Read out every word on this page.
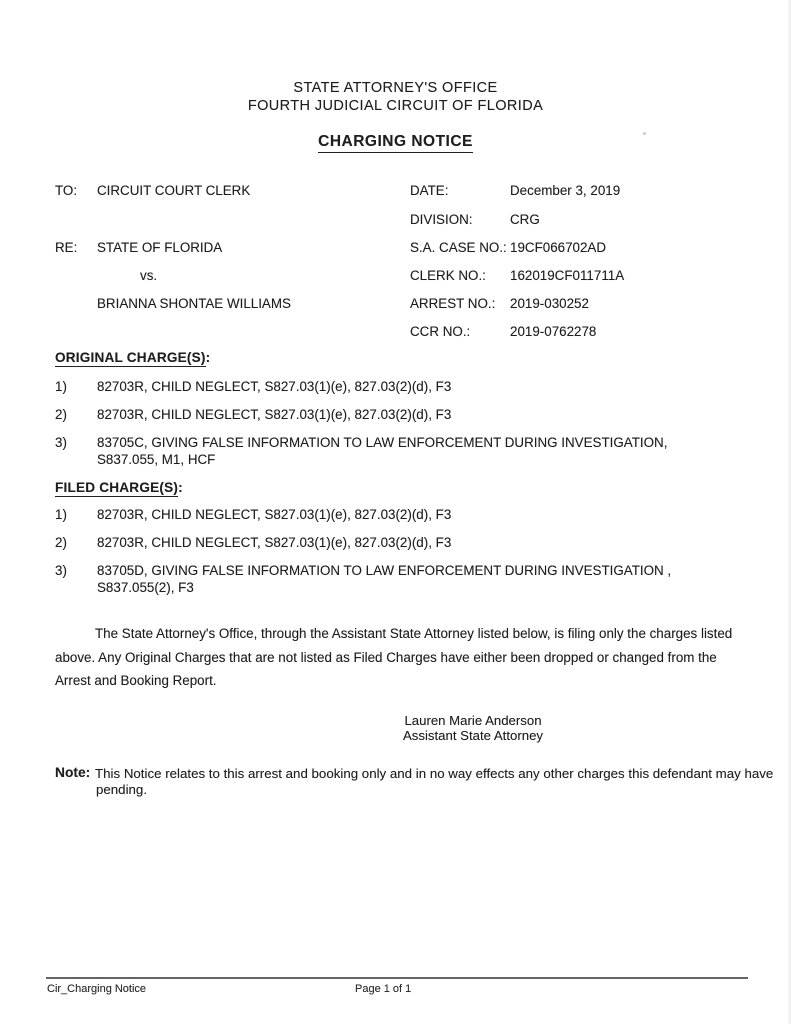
STATE ATTORNEY'S OFFICE
FOURTH JUDICIAL CIRCUIT OF FLORIDA
CHARGING NOTICE
TO: CIRCUIT COURT CLERK
RE: STATE OF FLORIDA
vs.
BRIANNA SHONTAE WILLIAMS
DATE:	December 3, 2019
DIVISION:	CRG
S.A. CASE NO.: 19CF066702AD
CLERK NO.: 162019CF011711A
ARREST NO.: 2019-030252
CCR NO.:	2019-0762278
ORIGINAL CHARGE(S):
1) 82703R, CHILD NEGLECT, S827.03(1)(e), 827.03(2)(d), F3
2) 82703R, CHILD NEGLECT, S827.03(1)(e), 827.03(2)(d), F3
3) 83705C, GIVING FALSE INFORMATION TO LAW ENFORCEMENT DURING INVESTIGATION, S837.055, M1, HCF
FILED CHARGE(S):
1) 82703R, CHILD NEGLECT, S827.03(1)(e), 827.03(2)(d), F3
2) 82703R, CHILD NEGLECT, S827.03(1)(e), 827.03(2)(d), F3
3) 83705D, GIVING FALSE INFORMATION TO LAW ENFORCEMENT DURING INVESTIGATION , S837.055(2), F3
The State Attorney's Office, through the Assistant State Attorney listed below, is filing only the charges listed above. Any Original Charges that are not listed as Filed Charges have either been dropped or changed from the Arrest and Booking Report.
Lauren Marie Anderson
Assistant State Attorney
Note: This Notice relates to this arrest and booking only and in no way effects any other charges this defendant may have
pending.
Cir_Charging Notice	Page 1 of 1
